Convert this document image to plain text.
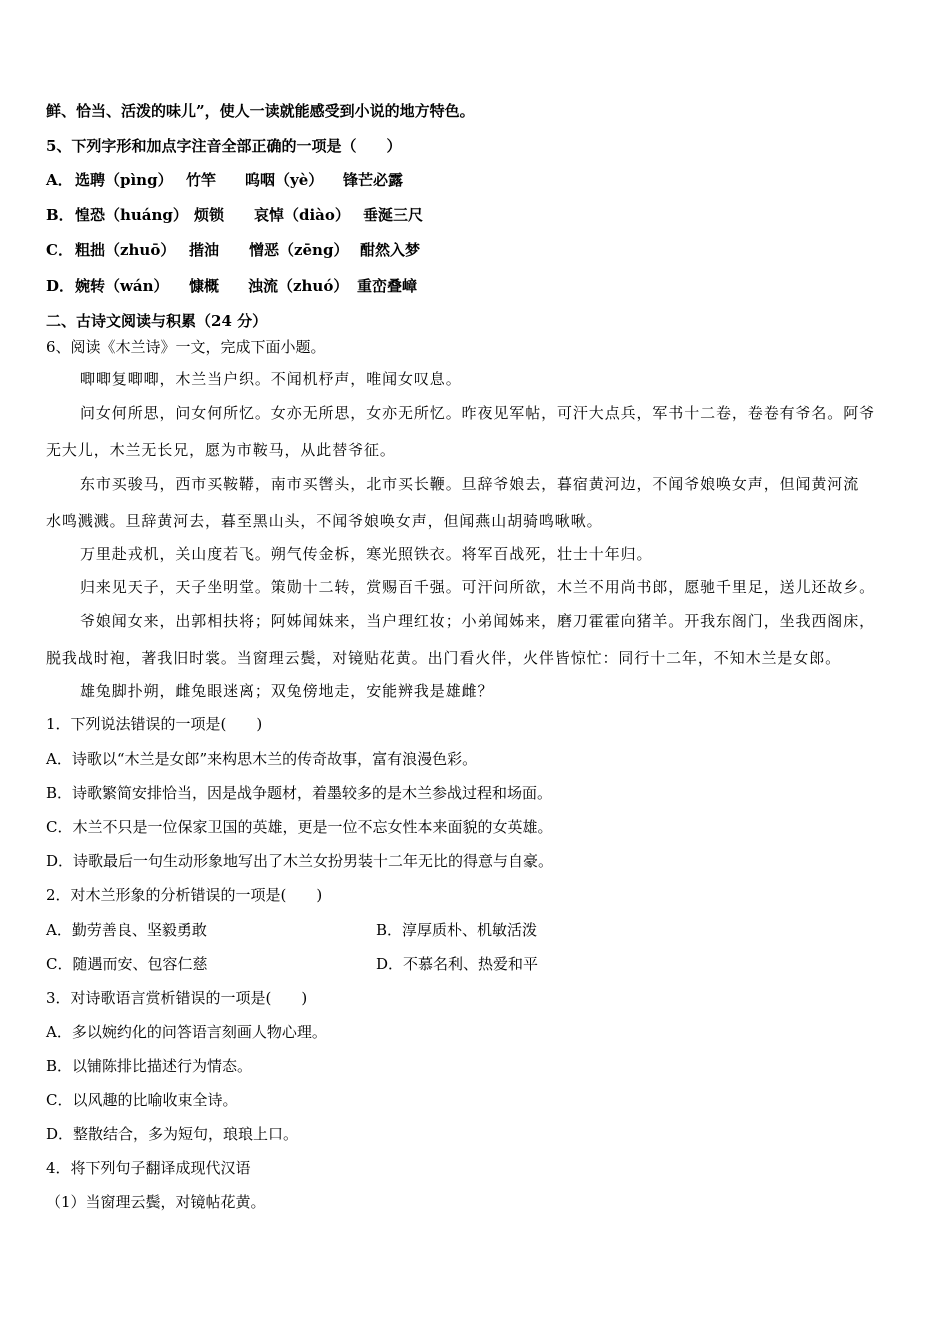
鲜、恰当、活泼的味儿”，使人一读就能感受到小说的地方特色。
5、下列字形和加点字注音全部正确的一项是（　　）
A． 选聘（pìng） 竹竿 呜咽（yè） 锋芒必露
B． 惶恐（huáng） 烦锁 哀悼（diào） 垂涎三尺
C． 粗拙（zhuō） 揩油 憎恶（zēng） 酣然入梦
D． 婉转（wán） 慷概 浊流（zhuó） 重峦叠嶂
二、古诗文阅读与积累（24 分）
6、阅读《木兰诗》一文，完成下面小题。
唧唧复唧唧，木兰当户织。不闻机杼声，唯闻女叹息。
问女何所思，问女何所忆。女亦无所思，女亦无所忆。昨夜见军帖，可汗大点兵，军书十二卷，卷卷有爷名。阿爷
无大儿，木兰无长兄，愿为市鞍马，从此替爷征。
东市买骏马，西市买鞍鞯，南市买辔头，北市买长鞭。旦辞爷娘去，暮宿黄河边，不闻爷娘唤女声，但闻黄河流
水鸣溅溅。旦辞黄河去，暮至黑山头，不闻爷娘唤女声，但闻燕山胡骑鸣啾啾。
万里赴戎机，关山度若飞。朔气传金柝，寒光照铁衣。将军百战死，壮士十年归。
归来见天子，天子坐明堂。策勋十二转，赏赐百千强。可汗问所欲，木兰不用尚书郎，愿驰千里足，送儿还故乡。
爷娘闻女来，出郭相扶将；阿姊闻妹来，当户理红妆；小弟闻姊来，磨刀霍霍向猪羊。开我东阁门，坐我西阁床，
脱我战时袍，著我旧时裳。当窗理云鬓，对镜贴花黄。出门看火伴，火伴皆惊忙：同行十二年，不知木兰是女郎。
雄兔脚扑朔，雌兔眼迷离；双兔傍地走，安能辨我是雄雌？
1．下列说法错误的一项是(　　)
A．诗歌以“木兰是女郎”来构思木兰的传奇故事，富有浪漫色彩。
B．诗歌繁简安排恰当，因是战争题材，着墨较多的是木兰参战过程和场面。
C．木兰不只是一位保家卫国的英雄，更是一位不忘女性本来面貌的女英雄。
D．诗歌最后一句生动形象地写出了木兰女扮男装十二年无比的得意与自豪。
2．对木兰形象的分析错误的一项是(　　)
A．勤劳善良、坚毅勇敢	B．淳厚质朴、机敏活泼
C．随遇而安、包容仁慈	D．不慕名利、热爱和平
3．对诗歌语言赏析错误的一项是(　　)
A．多以婉约化的问答语言刻画人物心理。
B．以铺陈排比描述行为情态。
C．以风趣的比喻收束全诗。
D．整散结合，多为短句，琅琅上口。
4．将下列句子翻译成现代汉语
（1）当窗理云鬓，对镜帖花黄。
